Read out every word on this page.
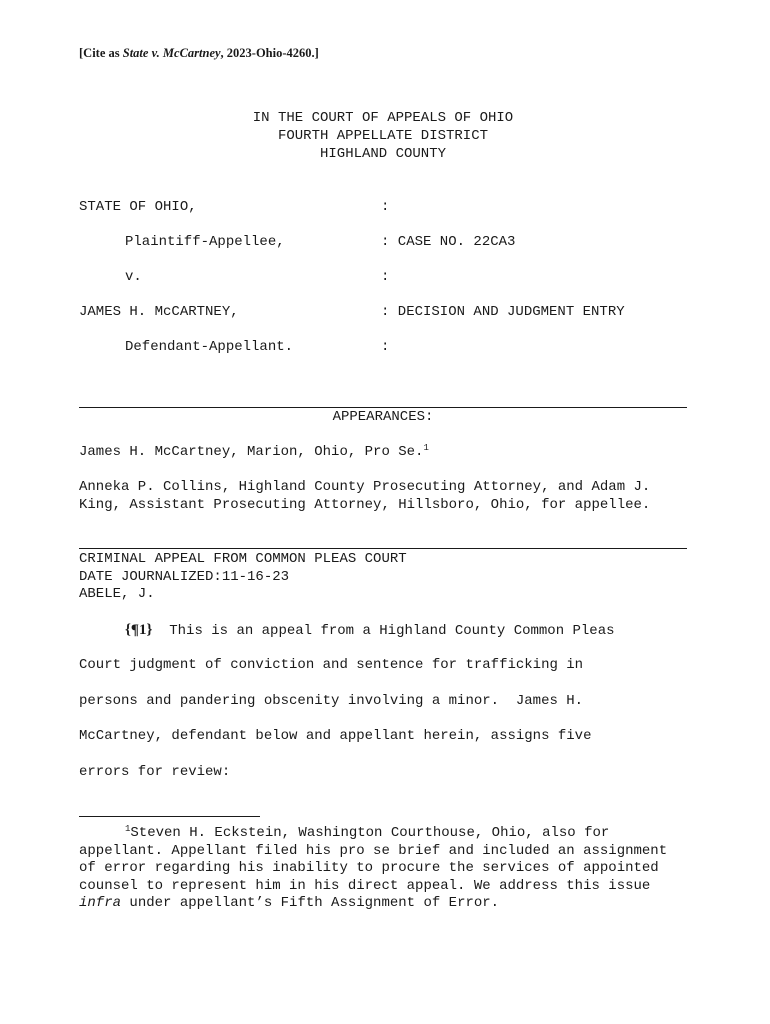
[Cite as State v. McCartney, 2023-Ohio-4260.]
IN THE COURT OF APPEALS OF OHIO
FOURTH APPELLATE DISTRICT
HIGHLAND COUNTY
STATE OF OHIO,	:
Plaintiff-Appellee,	: CASE NO. 22CA3
v.	:
JAMES H. McCARTNEY,	: DECISION AND JUDGMENT ENTRY
Defendant-Appellant.	:
APPEARANCES:
James H. McCartney, Marion, Ohio, Pro Se.$^1$
Anneka P. Collins, Highland County Prosecuting Attorney, and Adam J. King, Assistant Prosecuting Attorney, Hillsboro, Ohio, for appellee.
CRIMINAL APPEAL FROM COMMON PLEAS COURT
DATE JOURNALIZED:11-16-23
ABELE, J.
{¶1} This is an appeal from a Highland County Common Pleas
Court judgment of conviction and sentence for trafficking in
persons and pandering obscenity involving a minor.  James H.
McCartney, defendant below and appellant herein, assigns five
errors for review:
$^1$Steven H. Eckstein, Washington Courthouse, Ohio, also for appellant. Appellant filed his pro se brief and included an assignment of error regarding his inability to procure the services of appointed counsel to represent him in his direct appeal. We address this issue infra under appellant’s Fifth Assignment of Error.
